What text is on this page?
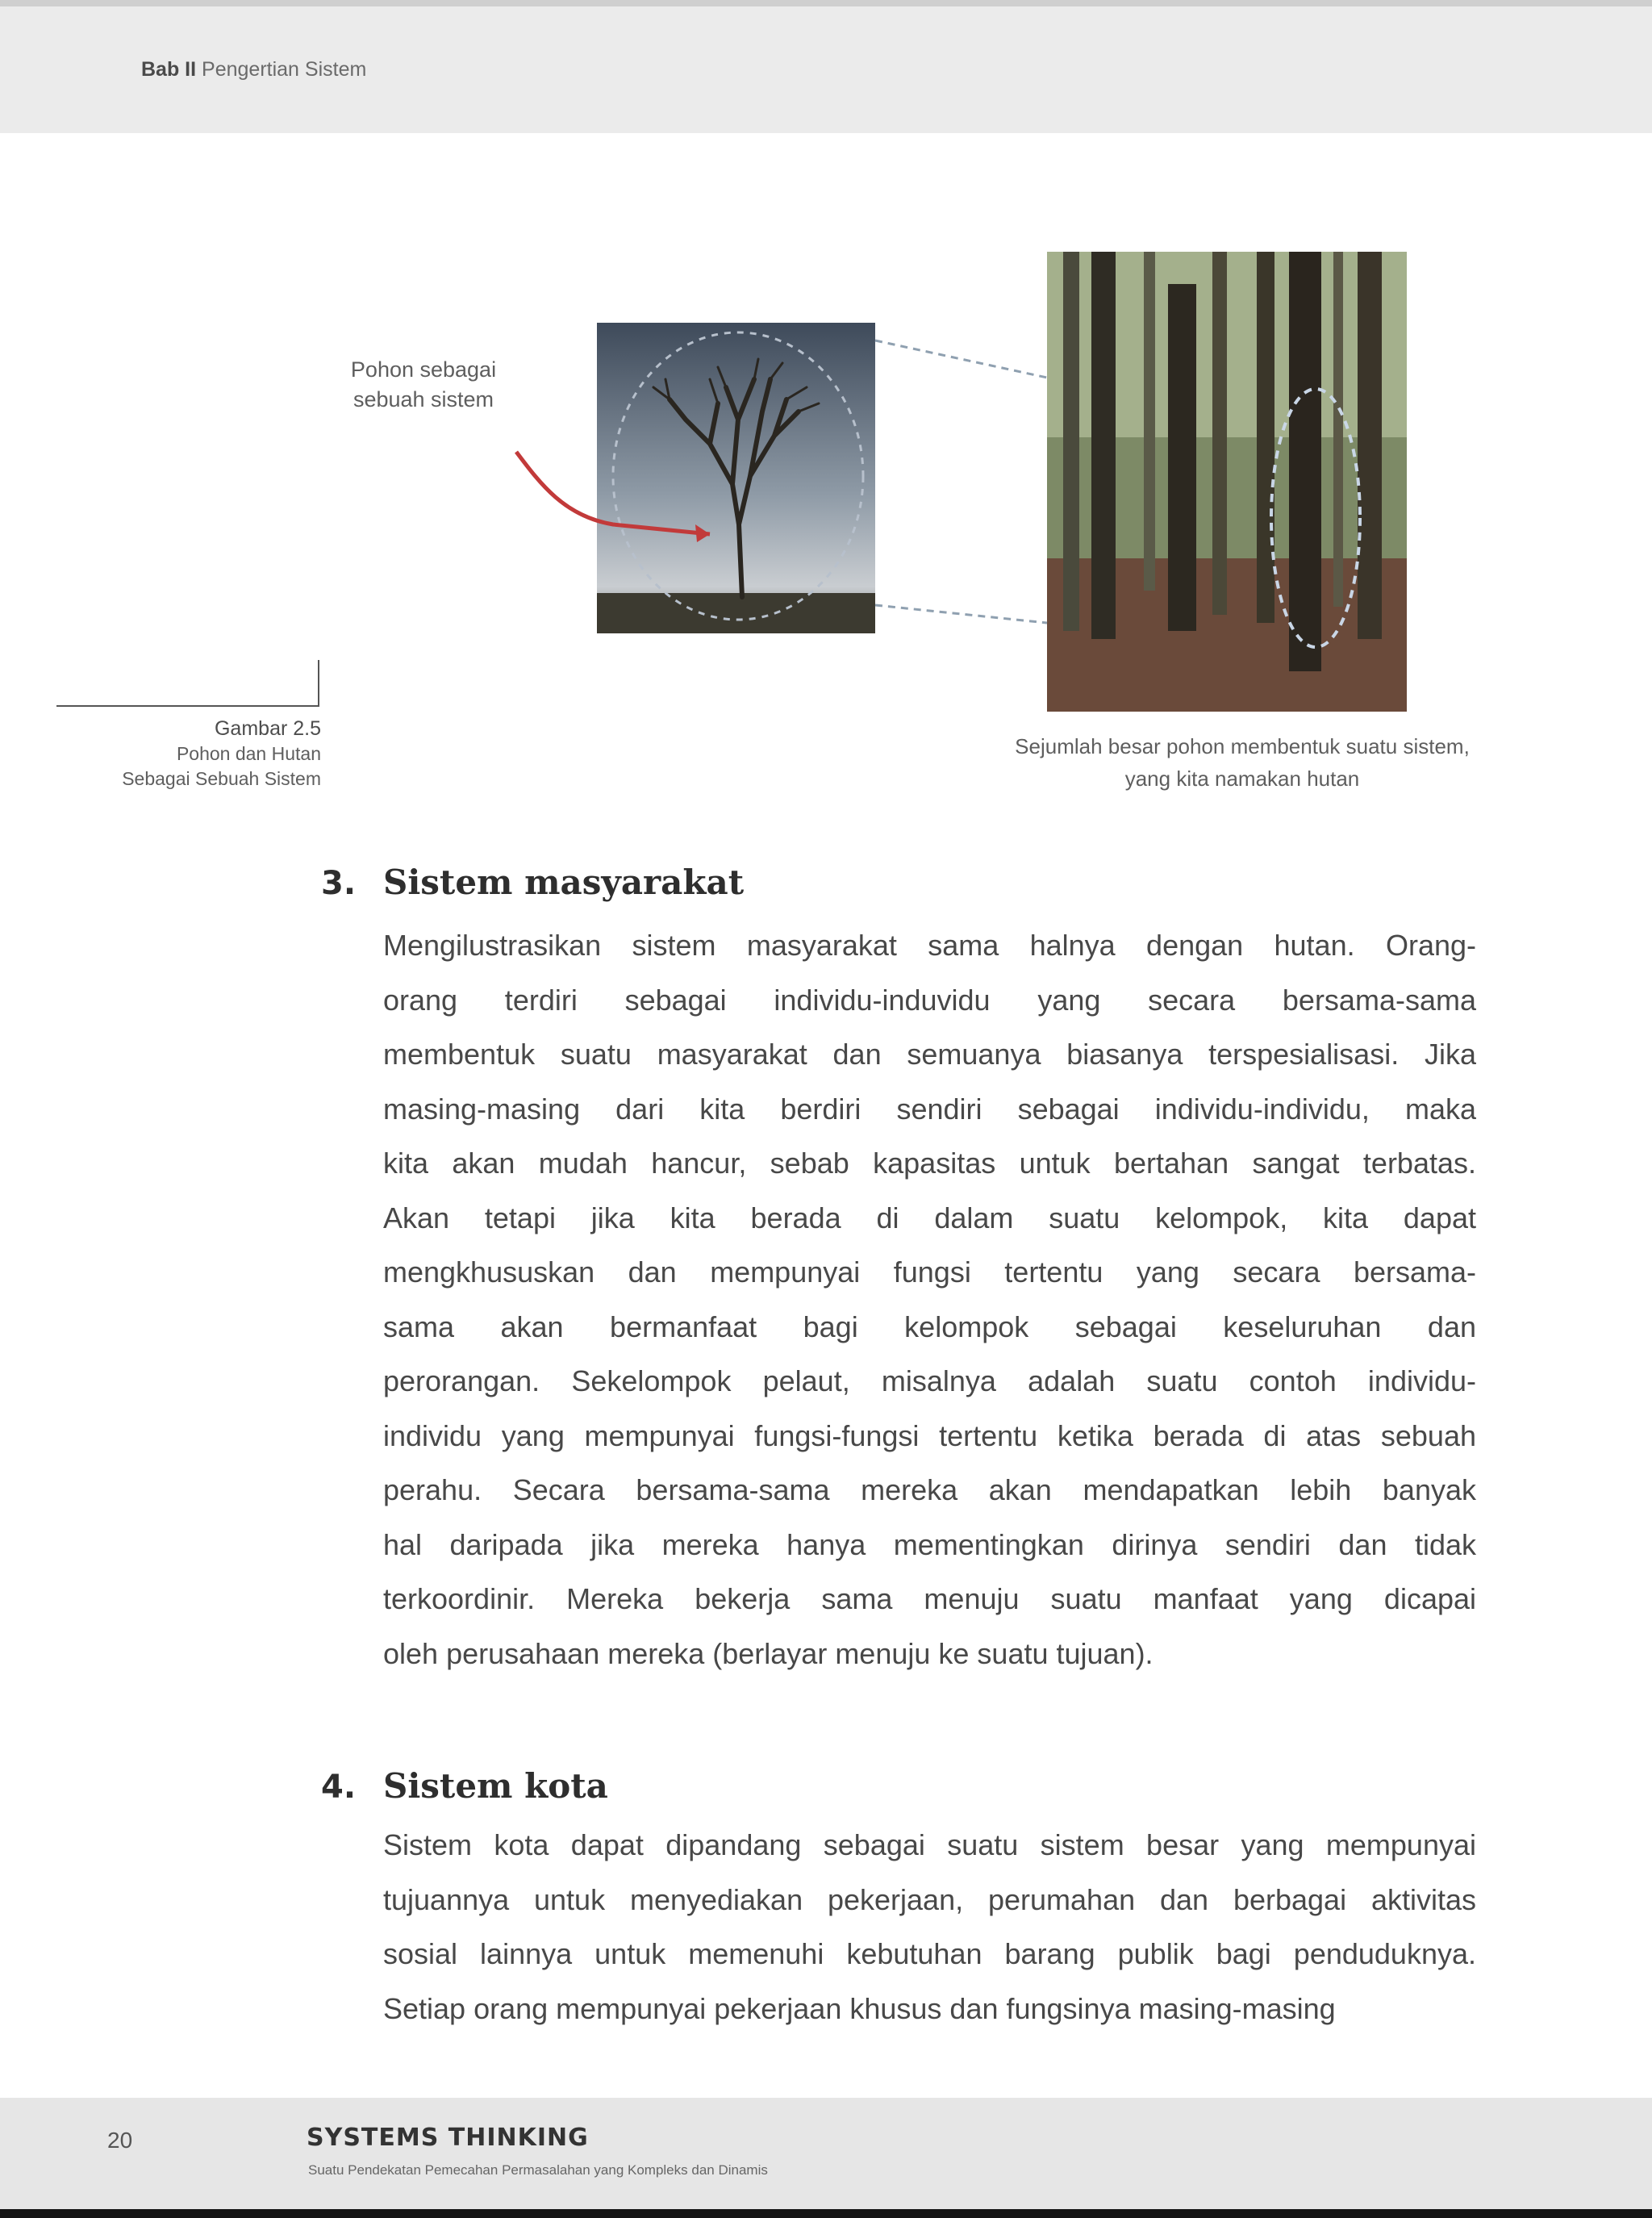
Bab II Pengertian Sistem
Pohon sebagai sebuah sistem
Gambar 2.5
Pohon dan Hutan
Sebagai Sebuah Sistem
Sejumlah besar pohon membentuk suatu sistem,
yang kita namakan hutan
3. Sistem masyarakat
Mengilustrasikan sistem masyarakat sama halnya dengan hutan. Orang-
orang terdiri sebagai individu-induvidu yang secara bersama-sama
membentuk suatu masyarakat dan semuanya biasanya terspesialisasi. Jika
masing-masing dari kita berdiri sendiri sebagai individu-individu, maka
kita akan mudah hancur, sebab kapasitas untuk bertahan sangat terbatas.
Akan tetapi jika kita berada di dalam suatu kelompok, kita dapat
mengkhususkan dan mempunyai fungsi tertentu yang secara bersama-
sama akan bermanfaat bagi kelompok sebagai keseluruhan dan
perorangan. Sekelompok pelaut, misalnya adalah suatu contoh individu-
individu yang mempunyai fungsi-fungsi tertentu ketika berada di atas sebuah
perahu. Secara bersama-sama mereka akan mendapatkan lebih banyak
hal daripada jika mereka hanya mementingkan dirinya sendiri dan tidak
terkoordinir. Mereka bekerja sama menuju suatu manfaat yang dicapai
oleh perusahaan mereka (berlayar menuju ke suatu tujuan).
4. Sistem kota
Sistem kota dapat dipandang sebagai suatu sistem besar yang mempunyai
tujuannya untuk menyediakan pekerjaan, perumahan dan berbagai aktivitas
sosial lainnya untuk memenuhi kebutuhan barang publik bagi penduduknya.
Setiap orang mempunyai pekerjaan khusus dan fungsinya masing-masing
20	SYSTEMS THINKING
Suatu Pendekatan Pemecahan Permasalahan yang Kompleks dan Dinamis
